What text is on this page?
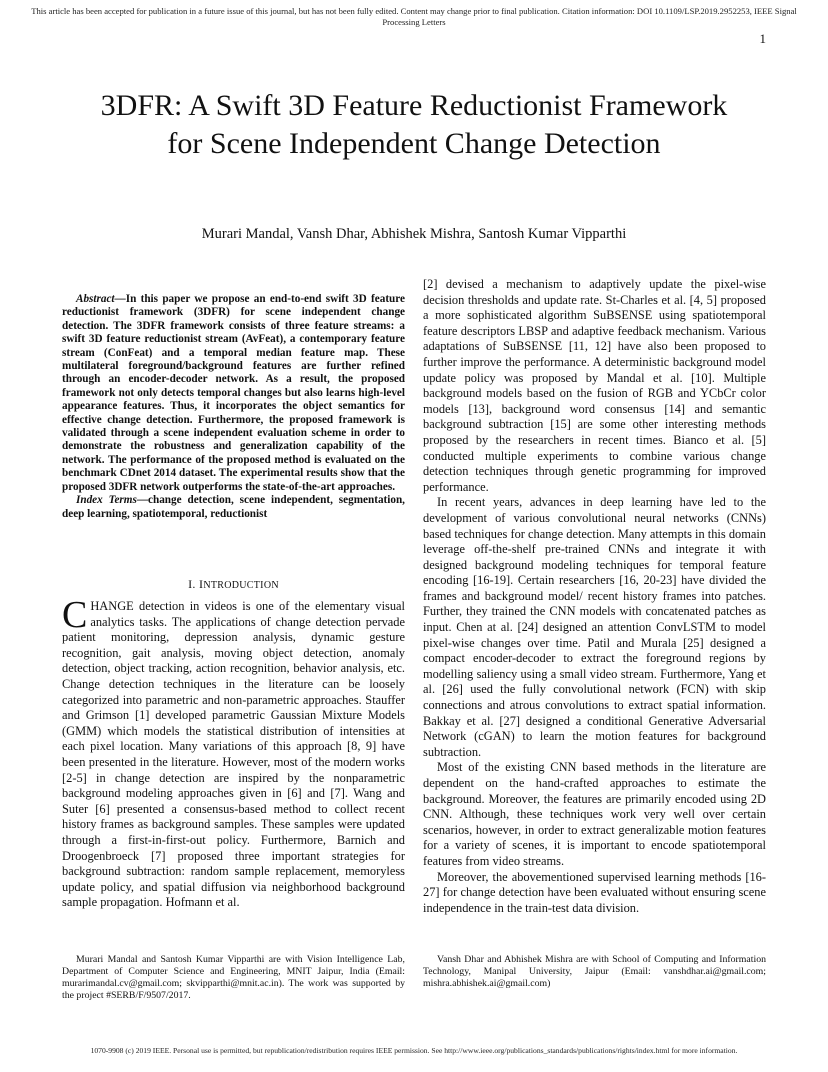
This article has been accepted for publication in a future issue of this journal, but has not been fully edited. Content may change prior to final publication. Citation information: DOI 10.1109/LSP.2019.2952253, IEEE Signal Processing Letters
1
3DFR: A Swift 3D Feature Reductionist Framework for Scene Independent Change Detection
Murari Mandal, Vansh Dhar, Abhishek Mishra, Santosh Kumar Vipparthi

Abstract—In this paper we propose an end-to-end swift 3D feature reductionist framework (3DFR) for scene independent change detection. The 3DFR framework consists of three feature streams: a swift 3D feature reductionist stream (AvFeat), a contemporary feature stream (ConFeat) and a temporal median feature map. These multilateral foreground/background features are further refined through an encoder-decoder network. As a result, the proposed framework not only detects temporal changes but also learns high-level appearance features. Thus, it incorporates the object semantics for effective change detection. Furthermore, the proposed framework is validated through a scene independent evaluation scheme in order to demonstrate the robustness and generalization capability of the network. The performance of the proposed method is evaluated on the benchmark CDnet 2014 dataset. The experimental results show that the proposed 3DFR network outperforms the state-of-the-art approaches.

Index Terms—change detection, scene independent, segmentation, deep learning, spatiotemporal, reductionist

I. INTRODUCTION

CHANGE detection in videos is one of the elementary visual analytics tasks. The applications of change detection pervade patient monitoring, depression analysis, dynamic gesture recognition, gait analysis, moving object detection, anomaly detection, object tracking, action recognition, behavior analysis, etc. Change detection techniques in the literature can be loosely categorized into parametric and non-parametric approaches. Stauffer and Grimson [1] developed parametric Gaussian Mixture Models (GMM) which models the statistical distribution of intensities at each pixel location. Many variations of this approach [8, 9] have been presented in the literature. However, most of the modern works [2-5] in change detection are inspired by the nonparametric background modeling approaches given in [6] and [7]. Wang and Suter [6] presented a consensus-based method to collect recent history frames as background samples. These samples were updated through a first-in-first-out policy. Furthermore, Barnich and Droogenbroeck [7] proposed three important strategies for background subtraction: random sample replacement, memoryless update policy, and spatial diffusion via neighborhood background sample propagation. Hofmann et al.

[2] devised a mechanism to adaptively update the pixel-wise decision thresholds and update rate. St-Charles et al. [4, 5] proposed a more sophisticated algorithm SuBSENSE using spatiotemporal feature descriptors LBSP and adaptive feedback mechanism. Various adaptations of SuBSENSE [11, 12] have also been proposed to further improve the performance. A deterministic background model update policy was proposed by Mandal et al. [10]. Multiple background models based on the fusion of RGB and YCbCr color models [13], background word consensus [14] and semantic background subtraction [15] are some other interesting methods proposed by the researchers in recent times. Bianco et al. [5] conducted multiple experiments to combine various change detection techniques through genetic programming for improved performance.

In recent years, advances in deep learning have led to the development of various convolutional neural networks (CNNs) based techniques for change detection. Many attempts in this domain leverage off-the-shelf pre-trained CNNs and integrate it with designed background modeling techniques for temporal feature encoding [16-19]. Certain researchers [16, 20-23] have divided the frames and background model/ recent history frames into patches. Further, they trained the CNN models with concatenated patches as input. Chen at al. [24] designed an attention ConvLSTM to model pixel-wise changes over time. Patil and Murala [25] designed a compact encoder-decoder to extract the foreground regions by modelling saliency using a small video stream. Furthermore, Yang et al. [26] used the fully convolutional network (FCN) with skip connections and atrous convolutions to extract spatial information. Bakkay et al. [27] designed a conditional Generative Adversarial Network (cGAN) to learn the motion features for background subtraction.

Most of the existing CNN based methods in the literature are dependent on the hand-crafted approaches to estimate the background. Moreover, the features are primarily encoded using 2D CNN. Although, these techniques work very well over certain scenarios, however, in order to extract generalizable motion features for a variety of scenes, it is important to encode spatiotemporal features from video streams.

Moreover, the abovementioned supervised learning methods [16-27] for change detection have been evaluated without ensuring scene independence in the train-test data division.

Murari Mandal and Santosh Kumar Vipparthi are with Vision Intelligence Lab, Department of Computer Science and Engineering, MNIT Jaipur, India (Email: murarimandal.cv@gmail.com; skvipparthi@mnit.ac.in). The work was supported by the project #SERB/F/9507/2017.
Vansh Dhar and Abhishek Mishra are with School of Computing and Information Technology, Manipal University, Jaipur (Email: vanshdhar.ai@gmail.com; mishra.abhishek.ai@gmail.com)
1070-9908 (c) 2019 IEEE. Personal use is permitted, but republication/redistribution requires IEEE permission. See http://www.ieee.org/publications_standards/publications/rights/index.html for more information.
